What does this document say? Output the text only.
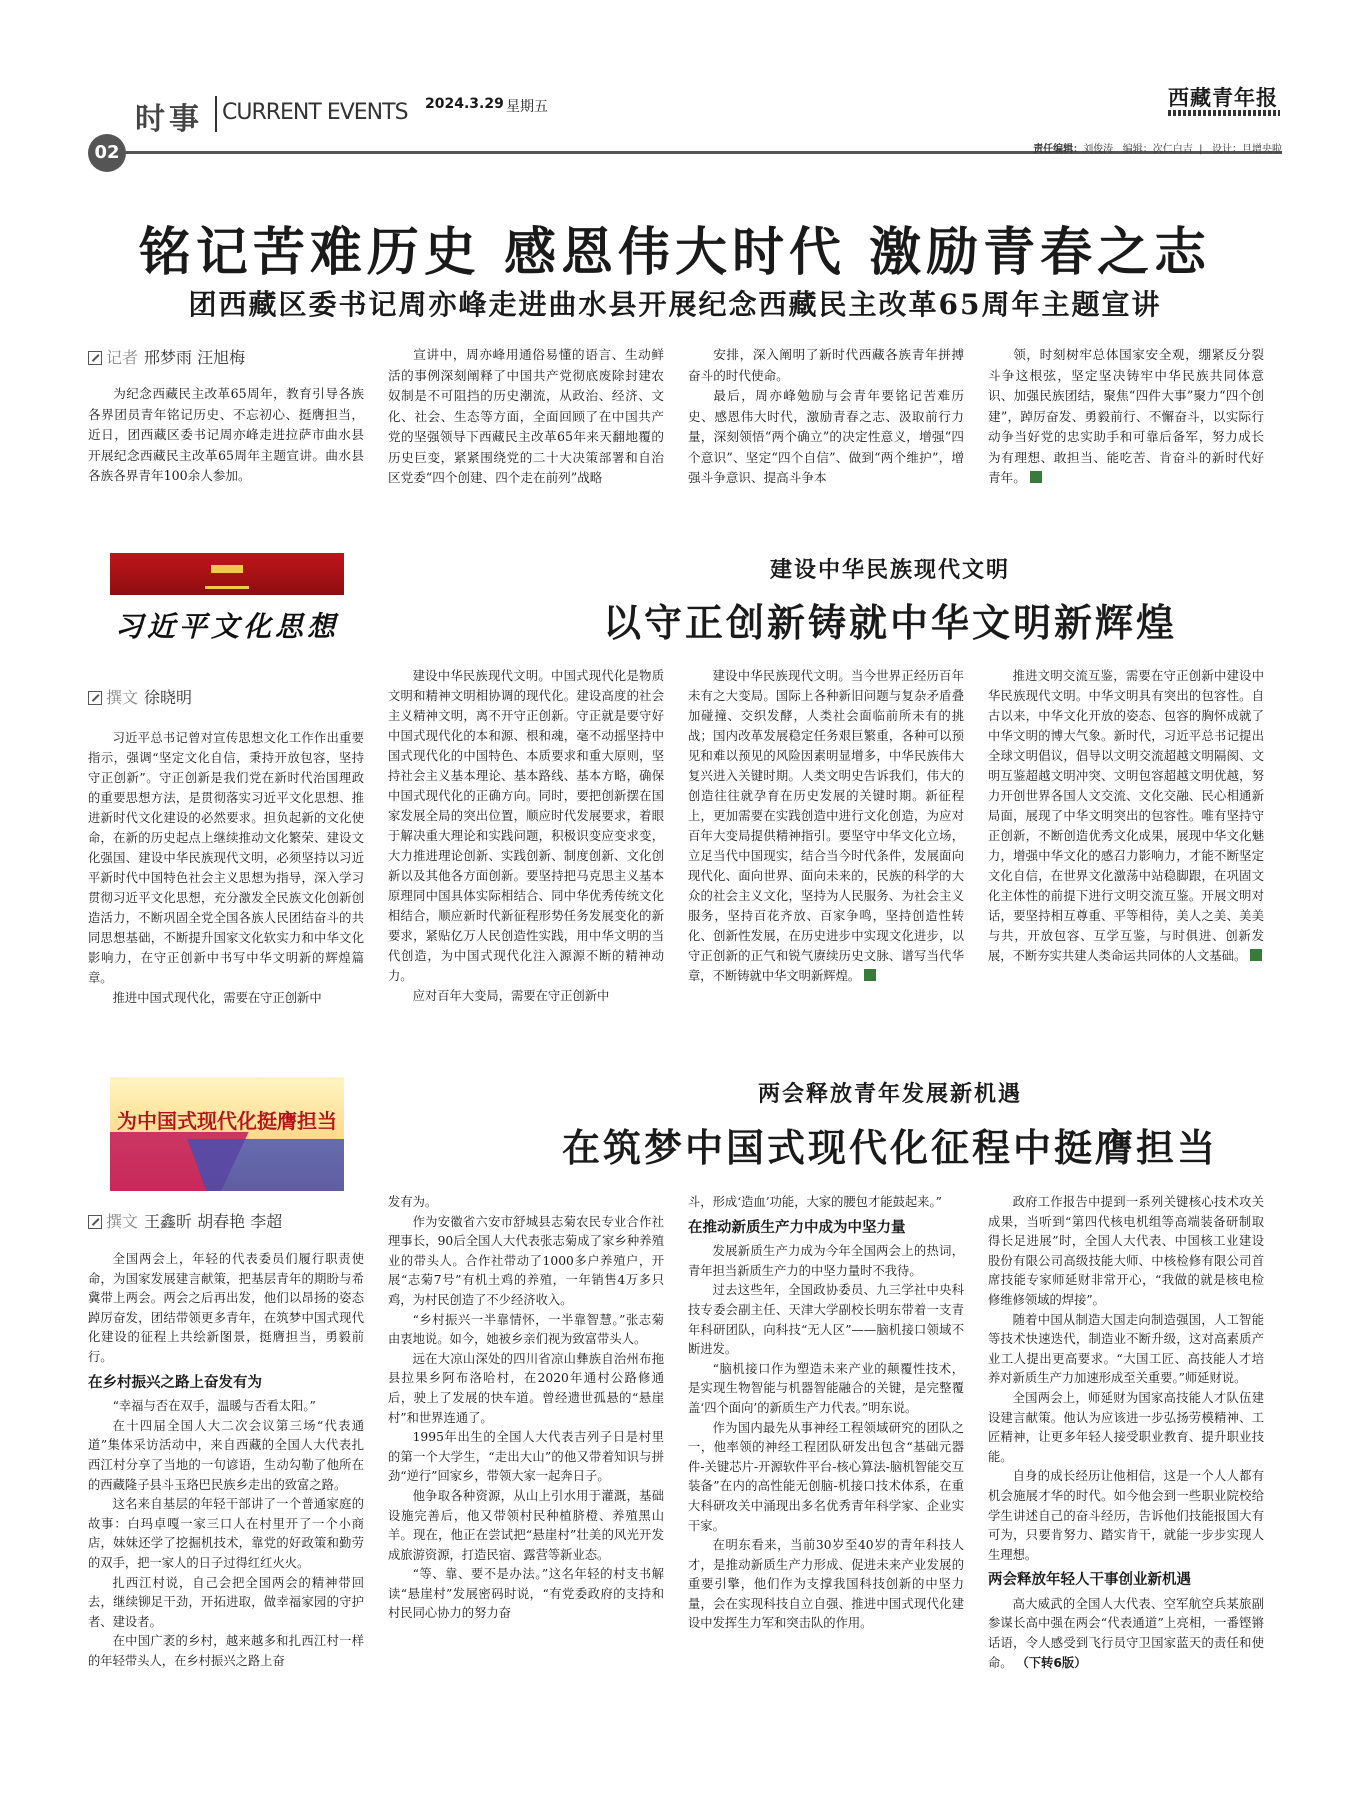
时事 CURRENT EVENTS 2024.3.29 星期五
02
西藏青年报
责任编辑：刘俊涛 编辑：次仁白吉  |   设计：旦增央啦
铭记苦难历史 感恩伟大时代 激励青春之志
团西藏区委书记周亦峰走进曲水县开展纪念西藏民主改革65周年主题宣讲
记者 邢梦雨 汪旭梅

为纪念西藏民主改革65周年，教育引导各族各界团员青年铭记历史、不忘初心、挺膺担当，近日，团西藏区委书记周亦峰走进拉萨市曲水县开展纪念西藏民主改革65周年主题宣讲。曲水县各族各界青年100余人参加。

宣讲中，周亦峰用通俗易懂的语言、生动鲜活的事例深刻阐释了中国共产党彻底废除封建农奴制是不可阻挡的历史潮流，从政治、经济、文化、社会、生态等方面，全面回顾了在中国共产党的坚强领导下西藏民主改革65年来天翻地覆的历史巨变，紧紧围绕党的二十大决策部署和自治区党委“四个创建、四个走在前列”战略

安排，深入阐明了新时代西藏各族青年拼搏奋斗的时代使命。

最后，周亦峰勉励与会青年要铭记苦难历史、感恩伟大时代，激励青春之志、汲取前行力量，深刻领悟“两个确立”的决定性意义，增强“四个意识”、坚定“四个自信”、做到“两个维护”，增强斗争意识、提高斗争本

领，时刻树牢总体国家安全观，绷紧反分裂斗争这根弦，坚定坚决铸牢中华民族共同体意识、加强民族团结，聚焦“四件大事”聚力“四个创建”，踔厉奋发、勇毅前行、不懈奋斗，以实际行动争当好党的忠实助手和可靠后备军，努力成长为有理想、敢担当、能吃苦、肯奋斗的新时代好青年。

习近平文化思想
建设中华民族现代文明
以守正创新铸就中华文明新辉煌
撰文 徐晓明

习近平总书记曾对宣传思想文化工作作出重要指示，强调“坚定文化自信，秉持开放包容，坚持守正创新”。守正创新是我们党在新时代治国理政的重要思想方法，是贯彻落实习近平文化思想、推进新时代文化建设的必然要求。担负起新的文化使命，在新的历史起点上继续推动文化繁荣、建设文化强国、建设中华民族现代文明，必须坚持以习近平新时代中国特色社会主义思想为指导，深入学习贯彻习近平文化思想，充分激发全民族文化创新创造活力，不断巩固全党全国各族人民团结奋斗的共同思想基础，不断提升国家文化软实力和中华文化影响力，在守正创新中书写中华文明新的辉煌篇章。

推进中国式现代化，需要在守正创新中

建设中华民族现代文明。中国式现代化是物质文明和精神文明相协调的现代化。建设高度的社会主义精神文明，离不开守正创新。守正就是要守好中国式现代化的本和源、根和魂，毫不动摇坚持中国式现代化的中国特色、本质要求和重大原则，坚持社会主义基本理论、基本路线、基本方略，确保中国式现代化的正确方向。同时，要把创新摆在国家发展全局的突出位置，顺应时代发展要求，着眼于解决重大理论和实践问题，积极识变应变求变，大力推进理论创新、实践创新、制度创新、文化创新以及其他各方面创新。要坚持把马克思主义基本原理同中国具体实际相结合、同中华优秀传统文化相结合，顺应新时代新征程形势任务发展变化的新要求，紧贴亿万人民创造性实践，用中华文明的当代创造，为中国式现代化注入源源不断的精神动力。

应对百年大变局，需要在守正创新中

建设中华民族现代文明。当今世界正经历百年未有之大变局。国际上各种新旧问题与复杂矛盾叠加碰撞、交织发酵，人类社会面临前所未有的挑战；国内改革发展稳定任务艰巨繁重，各种可以预见和难以预见的风险因素明显增多，中华民族伟大复兴进入关键时期。人类文明史告诉我们，伟大的创造往往就孕育在历史发展的关键时期。新征程上，更加需要在实践创造中进行文化创造，为应对百年大变局提供精神指引。要坚守中华文化立场，立足当代中国现实，结合当今时代条件，发展面向现代化、面向世界、面向未来的，民族的科学的大众的社会主义文化，坚持为人民服务、为社会主义服务，坚持百花齐放、百家争鸣，坚持创造性转化、创新性发展，在历史进步中实现文化进步，以守正创新的正气和锐气赓续历史文脉、谱写当代华章，不断铸就中华文明新辉煌。

推进文明交流互鉴，需要在守正创新中建设中华民族现代文明。中华文明具有突出的包容性。自古以来，中华文化开放的姿态、包容的胸怀成就了中华文明的博大气象。新时代，习近平总书记提出全球文明倡议，倡导以文明交流超越文明隔阂、文明互鉴超越文明冲突、文明包容超越文明优越，努力开创世界各国人文交流、文化交融、民心相通新局面，展现了中华文明突出的包容性。唯有坚持守正创新，不断创造优秀文化成果，展现中华文化魅力，增强中华文化的感召力影响力，才能不断坚定文化自信，在世界文化激荡中站稳脚跟，在巩固文化主体性的前提下进行文明交流互鉴。开展文明对话，要坚持相互尊重、平等相待，美人之美、美美与共，开放包容、互学互鉴，与时俱进、创新发展，不断夯实共建人类命运共同体的人文基础。

为中国式现代化挺膺担当
两会释放青年发展新机遇
在筑梦中国式现代化征程中挺膺担当
撰文 王鑫昕 胡春艳 李超

全国两会上，年轻的代表委员们履行职责使命，为国家发展建言献策，把基层青年的期盼与希冀带上两会。两会之后再出发，他们以昂扬的姿态踔厉奋发，团结带领更多青年，在筑梦中国式现代化建设的征程上共绘新图景，挺膺担当，勇毅前行。

在乡村振兴之路上奋发有为

“幸福与否在双手，温暖与否看太阳。”

在十四届全国人大二次会议第三场“代表通道”集体采访活动中，来自西藏的全国人大代表扎西江村分享了当地的一句谚语，生动勾勒了他所在的西藏隆子县斗玉珞巴民族乡走出的致富之路。

这名来自基层的年轻干部讲了一个普通家庭的故事：白玛卓嘎一家三口人在村里开了一个小商店，妹妹还学了挖掘机技术，靠党的好政策和勤劳的双手，把一家人的日子过得红红火火。

扎西江村说，自己会把全国两会的精神带回去，继续铆足干劲，开拓进取，做幸福家园的守护者、建设者。

在中国广袤的乡村，越来越多和扎西江村一样的年轻带头人，在乡村振兴之路上奋

发有为。

作为安徽省六安市舒城县志菊农民专业合作社理事长，90后全国人大代表张志菊成了家乡种养殖业的带头人。合作社带动了1000多户养殖户，开展“志菊7号”有机土鸡的养殖，一年销售4万多只鸡，为村民创造了不少经济收入。

“乡村振兴一半靠情怀，一半靠智慧。”张志菊由衷地说。如今，她被乡亲们视为致富带头人。

远在大凉山深处的四川省凉山彝族自治州布拖县拉果乡阿布洛哈村，在2020年通村公路修通后，驶上了发展的快车道。曾经遗世孤悬的“悬崖村”和世界连通了。

1995年出生的全国人大代表吉列子日是村里的第一个大学生，“走出大山”的他又带着知识与拼劲“逆行”回家乡，带领大家一起奔日子。

他争取各种资源，从山上引水用于灌溉，基础设施完善后，他又带领村民种植脐橙、养殖黑山羊。现在，他正在尝试把“悬崖村”壮美的风光开发成旅游资源，打造民宿、露营等新业态。

“等、靠、要不是办法。”这名年轻的村支书解读“悬崖村”发展密码时说，“有党委政府的支持和村民同心协力的努力奋

斗，形成‘造血’功能，大家的腰包才能鼓起来。”

在推动新质生产力中成为中坚力量

发展新质生产力成为今年全国两会上的热词，青年担当新质生产力的中坚力量时不我待。

过去这些年，全国政协委员、九三学社中央科技专委会副主任、天津大学副校长明东带着一支青年科研团队，向科技“无人区”——脑机接口领域不断进发。

“脑机接口作为塑造未来产业的颠覆性技术，是实现生物智能与机器智能融合的关键，是完整覆盖‘四个面向’的新质生产力代表。”明东说。

作为国内最先从事神经工程领域研究的团队之一，他率领的神经工程团队研发出包含“基础元器件-关键芯片-开源软件平台-核心算法-脑机智能交互装备”在内的高性能无创脑-机接口技术体系，在重大科研攻关中涌现出多名优秀青年科学家、企业实干家。

在明东看来，当前30岁至40岁的青年科技人才，是推动新质生产力形成、促进未来产业发展的重要引擎，他们作为支撑我国科技创新的中坚力量，会在实现科技自立自强、推进中国式现代化建设中发挥生力军和突击队的作用。

政府工作报告中提到一系列关键核心技术攻关成果，当听到“第四代核电机组等高端装备研制取得长足进展”时，全国人大代表、中国核工业建设股份有限公司高级技能大师、中核检修有限公司首席技能专家师延财非常开心，“我做的就是核电检修维修领域的焊接”。

随着中国从制造大国走向制造强国，人工智能等技术快速迭代，制造业不断升级，这对高素质产业工人提出更高要求。“大国工匠、高技能人才培养对新质生产力加速形成至关重要。”师延财说。

全国两会上，师延财为国家高技能人才队伍建设建言献策。他认为应该进一步弘扬劳模精神、工匠精神，让更多年轻人接受职业教育、提升职业技能。

自身的成长经历让他相信，这是一个人人都有机会施展才华的时代。如今他会到一些职业院校给学生讲述自己的奋斗经历，告诉他们技能报国大有可为，只要肯努力、踏实肯干，就能一步步实现人生理想。

两会释放年轻人干事创业新机遇

高大威武的全国人大代表、空军航空兵某旅副参谋长高中强在两会“代表通道”上亮相，一番铿锵话语，令人感受到飞行员守卫国家蓝天的责任和使命。 （下转6版）
